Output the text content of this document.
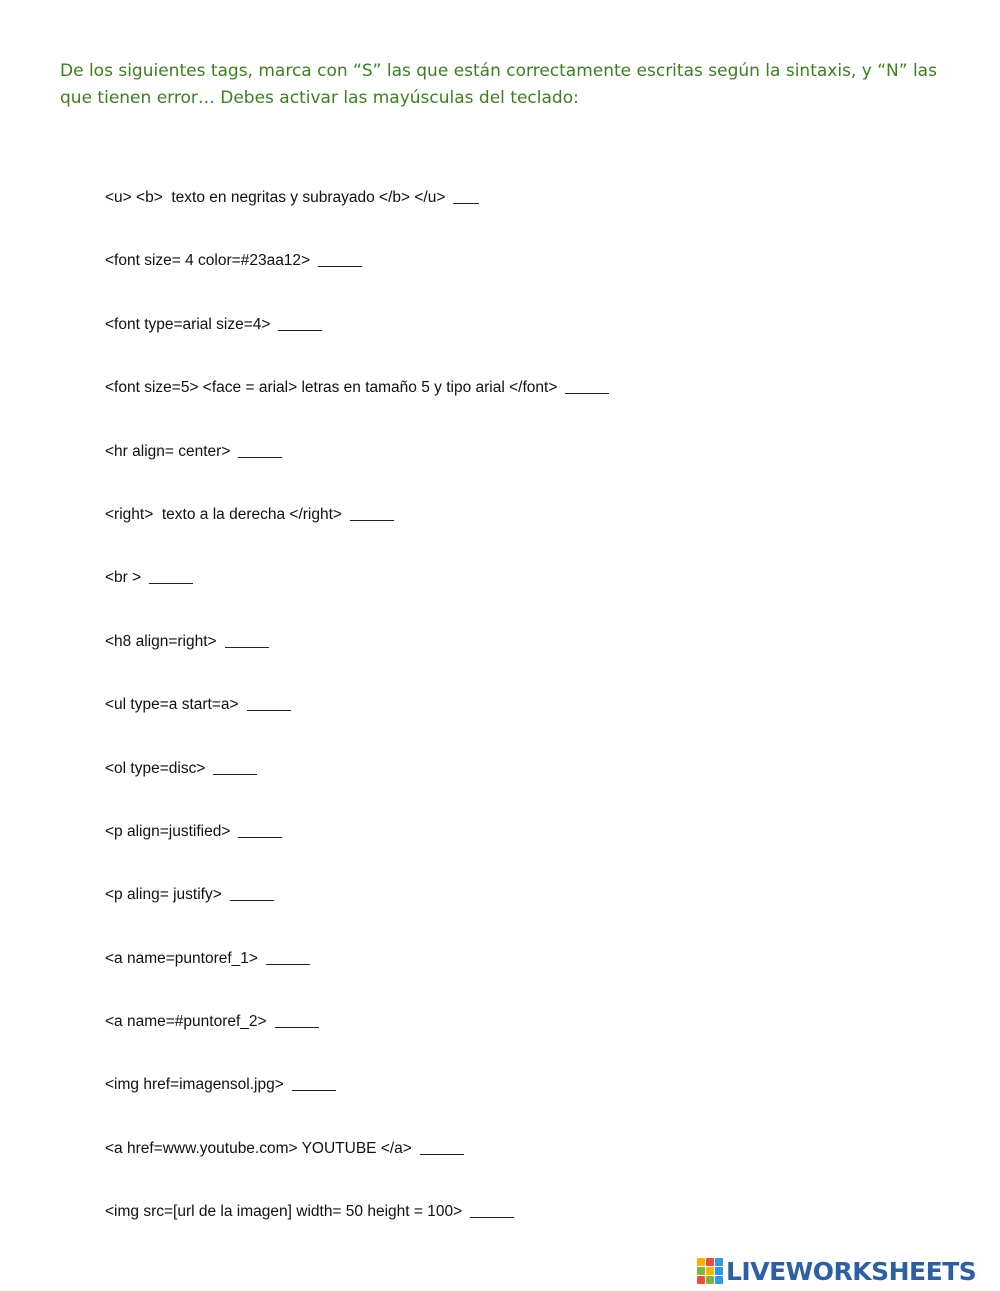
De los siguientes tags, marca con “S” las que están correctamente escritas según la sintaxis, y “N” las que tienen error… Debes activar las mayúsculas del teclado:

<u> <b>  texto en negritas y subrayado </b> </u>
<font size= 4 color=#23aa12>
<font type=arial size=4>
<font size=5> <face = arial> letras en tamaño 5 y tipo arial </font>
<hr align= center>
<right>  texto a la derecha </right>
<br >
<h8 align=right>
<ul type=a start=a>
<ol type=disc>
<p align=justified>
<p aling= justify>
<a name=puntoref_1>
<a name=#puntoref_2>
<img href=imagensol.jpg>
<a href=www.youtube.com> YOUTUBE </a>
<img src=[url de la imagen] width= 50 height = 100>
LIVEWORKSHEETS
